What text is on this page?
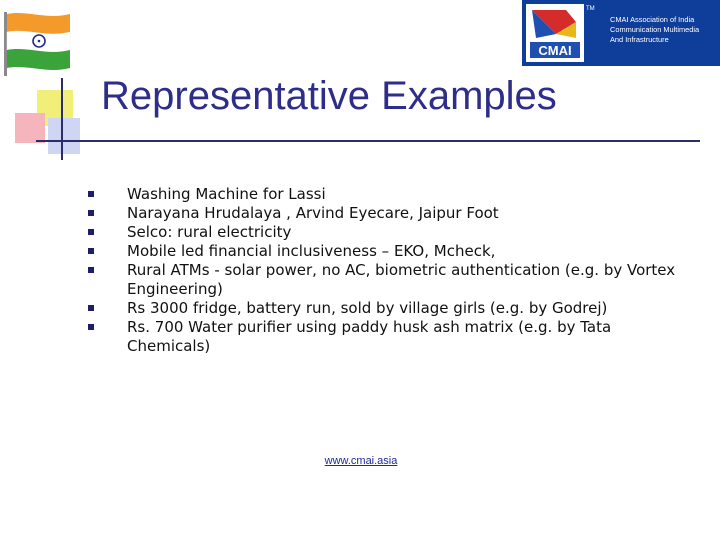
CMAI
TM
CMAI Association of India
Communication Multimedia
And Infrastructure
Representative Examples
Washing Machine for Lassi
Narayana Hrudalaya , Arvind Eyecare, Jaipur Foot
Selco: rural electricity
Mobile led financial inclusiveness – EKO, Mcheck,
Rural ATMs - solar power, no AC, biometric authentication (e.g. by Vortex Engineering)
Rs 3000 fridge, battery run, sold by village girls (e.g. by Godrej)
Rs. 700 Water purifier using paddy husk ash matrix (e.g. by Tata Chemicals)
www.cmai.asia
